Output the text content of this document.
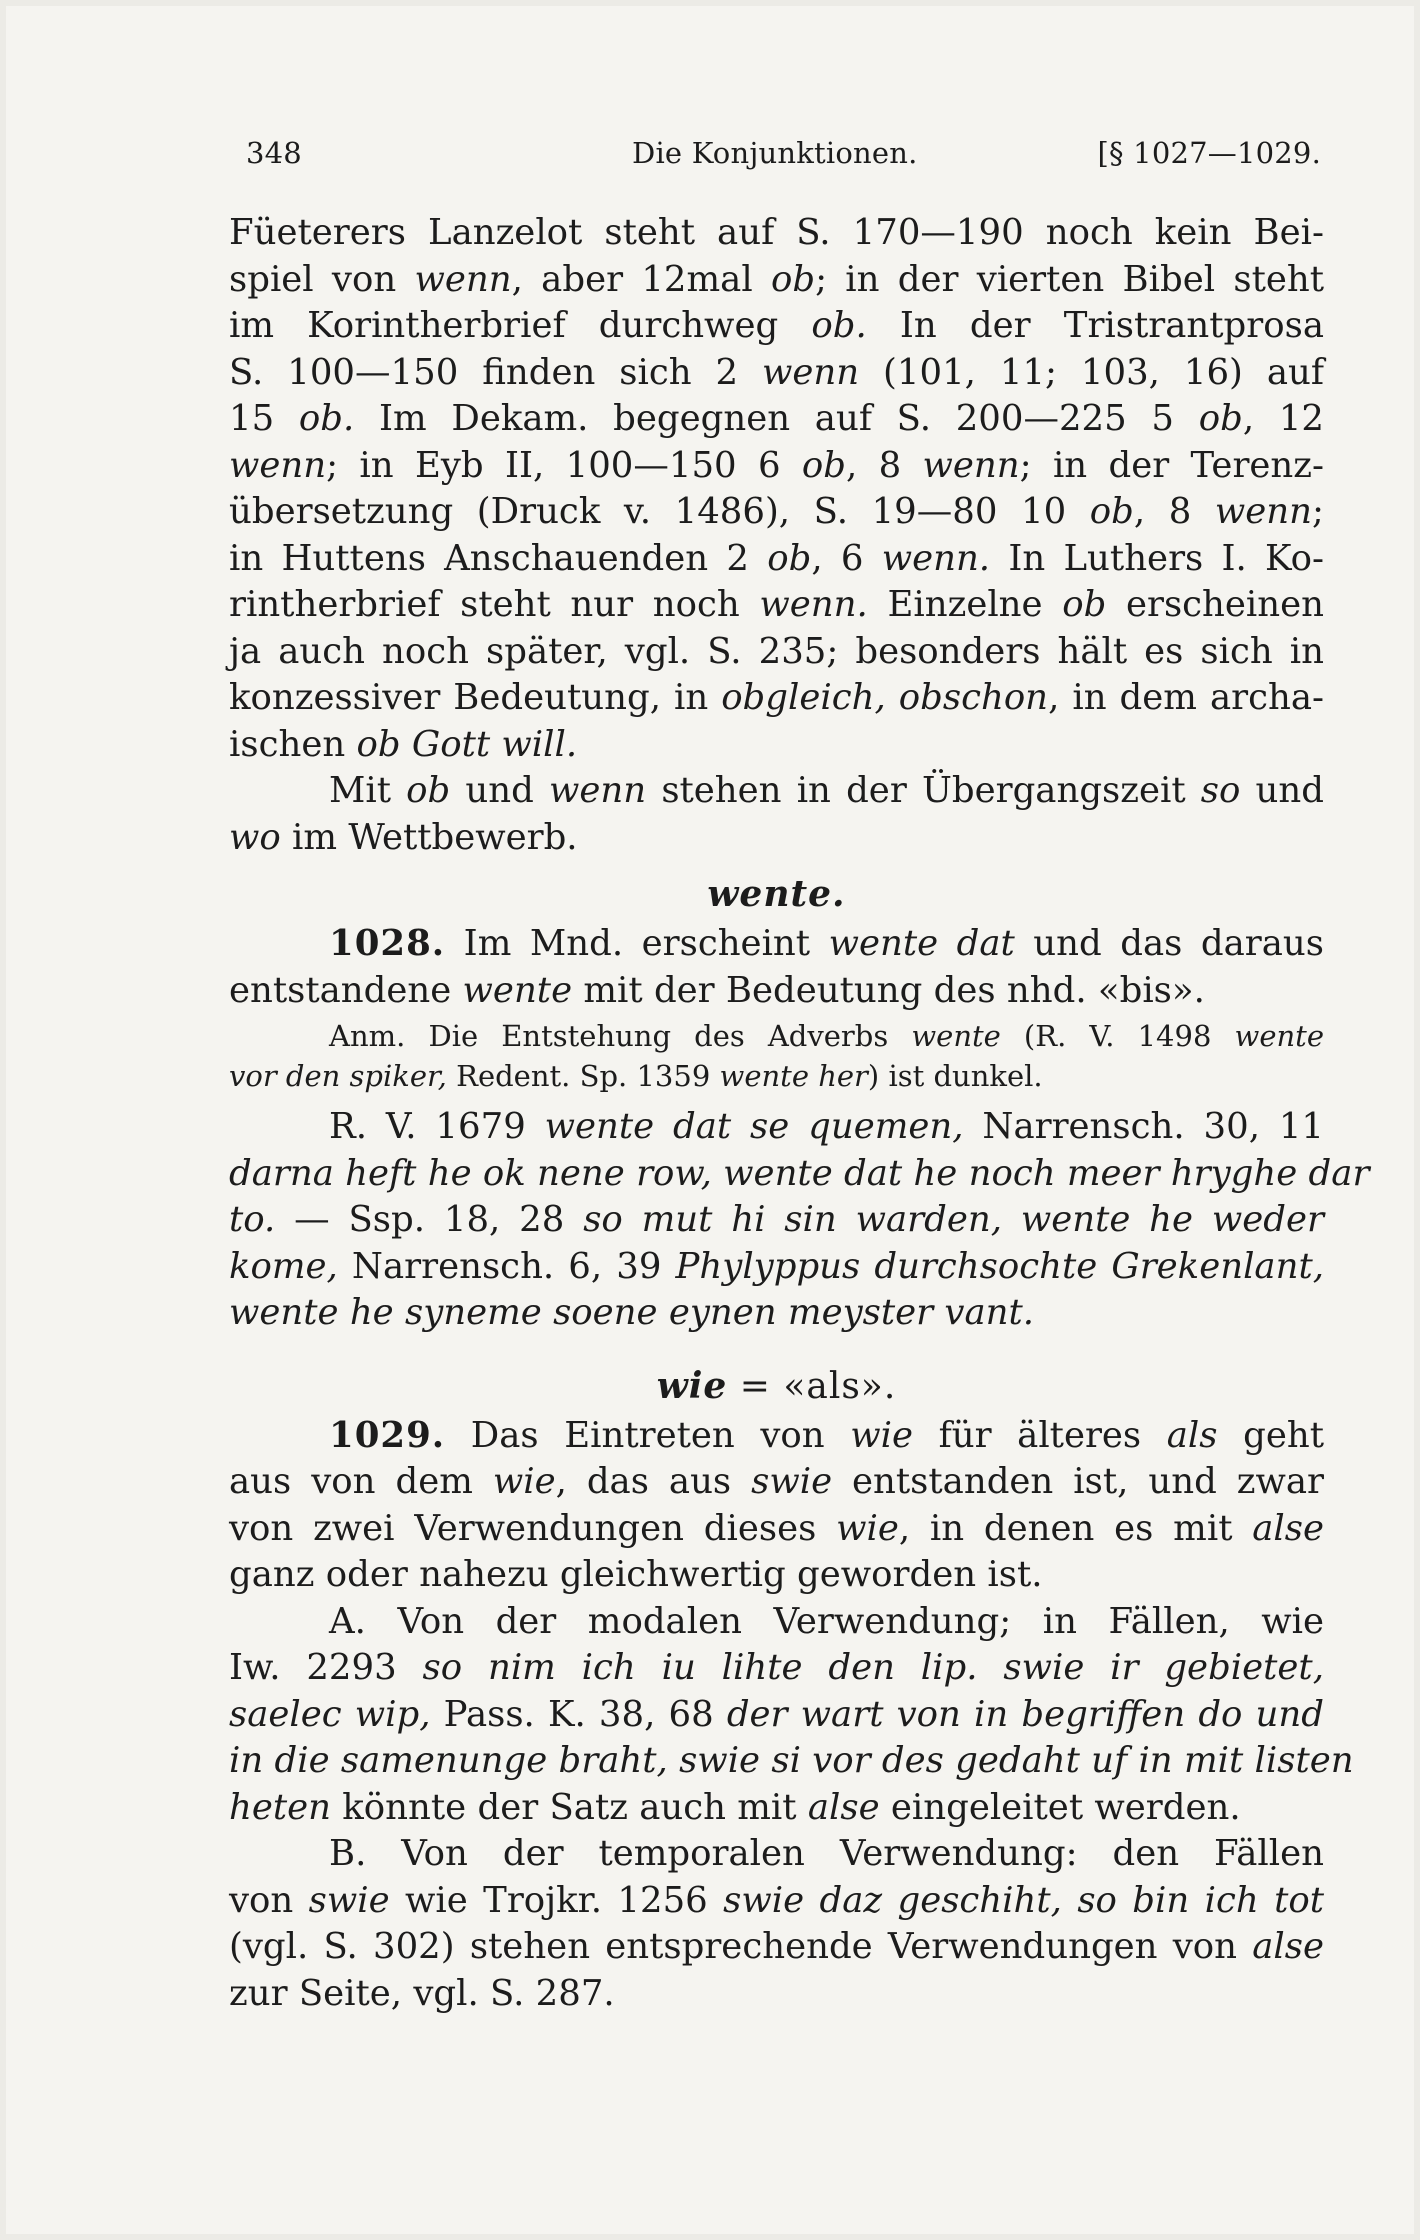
348	Die Konjunktionen.	[§ 1027—1029.
Füeterers Lanzelot steht auf S. 170—190 noch kein Bei-
spiel von wenn, aber 12mal ob; in der vierten Bibel steht
im Korintherbrief durchweg ob. In der Tristrantprosa
S. 100—150 finden sich 2 wenn (101, 11; 103, 16) auf
15 ob. Im Dekam. begegnen auf S. 200—225 5 ob, 12
wenn; in Eyb II, 100—150 6 ob, 8 wenn; in der Terenz-
übersetzung (Druck v. 1486), S. 19—80 10 ob, 8 wenn;
in Huttens Anschauenden 2 ob, 6 wenn. In Luthers I. Ko-
rintherbrief steht nur noch wenn. Einzelne ob erscheinen
ja auch noch später, vgl. S. 235; besonders hält es sich in
konzessiver Bedeutung, in obgleich, obschon, in dem archa-
ischen ob Gott will.
Mit ob und wenn stehen in der Übergangszeit so und
wo im Wettbewerb.
wente.
1028. Im Mnd. erscheint wente dat und das daraus
entstandene wente mit der Bedeutung des nhd. «bis».
Anm. Die Entstehung des Adverbs wente (R. V. 1498 wente
vor den spiker, Redent. Sp. 1359 wente her) ist dunkel.
R. V. 1679 wente dat se quemen, Narrensch. 30, 11
darna heft he ok nene row, wente dat he noch meer hryghe dar
to. — Ssp. 18, 28 so mut hi sin warden, wente he weder
kome, Narrensch. 6, 39 Phylyppus durchsochte Grekenlant,
wente he syneme soene eynen meyster vant.
wie = «als».
1029. Das Eintreten von wie für älteres als geht
aus von dem wie, das aus swie entstanden ist, und zwar
von zwei Verwendungen dieses wie, in denen es mit alse
ganz oder nahezu gleichwertig geworden ist.
A. Von der modalen Verwendung; in Fällen, wie
Iw. 2293 so nim ich iu lihte den lip. swie ir gebietet,
saelec wip, Pass. K. 38, 68 der wart von in begriffen do und
in die samenunge braht, swie si vor des gedaht uf in mit listen
heten könnte der Satz auch mit alse eingeleitet werden.
B. Von der temporalen Verwendung: den Fällen
von swie wie Trojkr. 1256 swie daz geschiht, so bin ich tot
(vgl. S. 302) stehen entsprechende Verwendungen von alse
zur Seite, vgl. S. 287.
